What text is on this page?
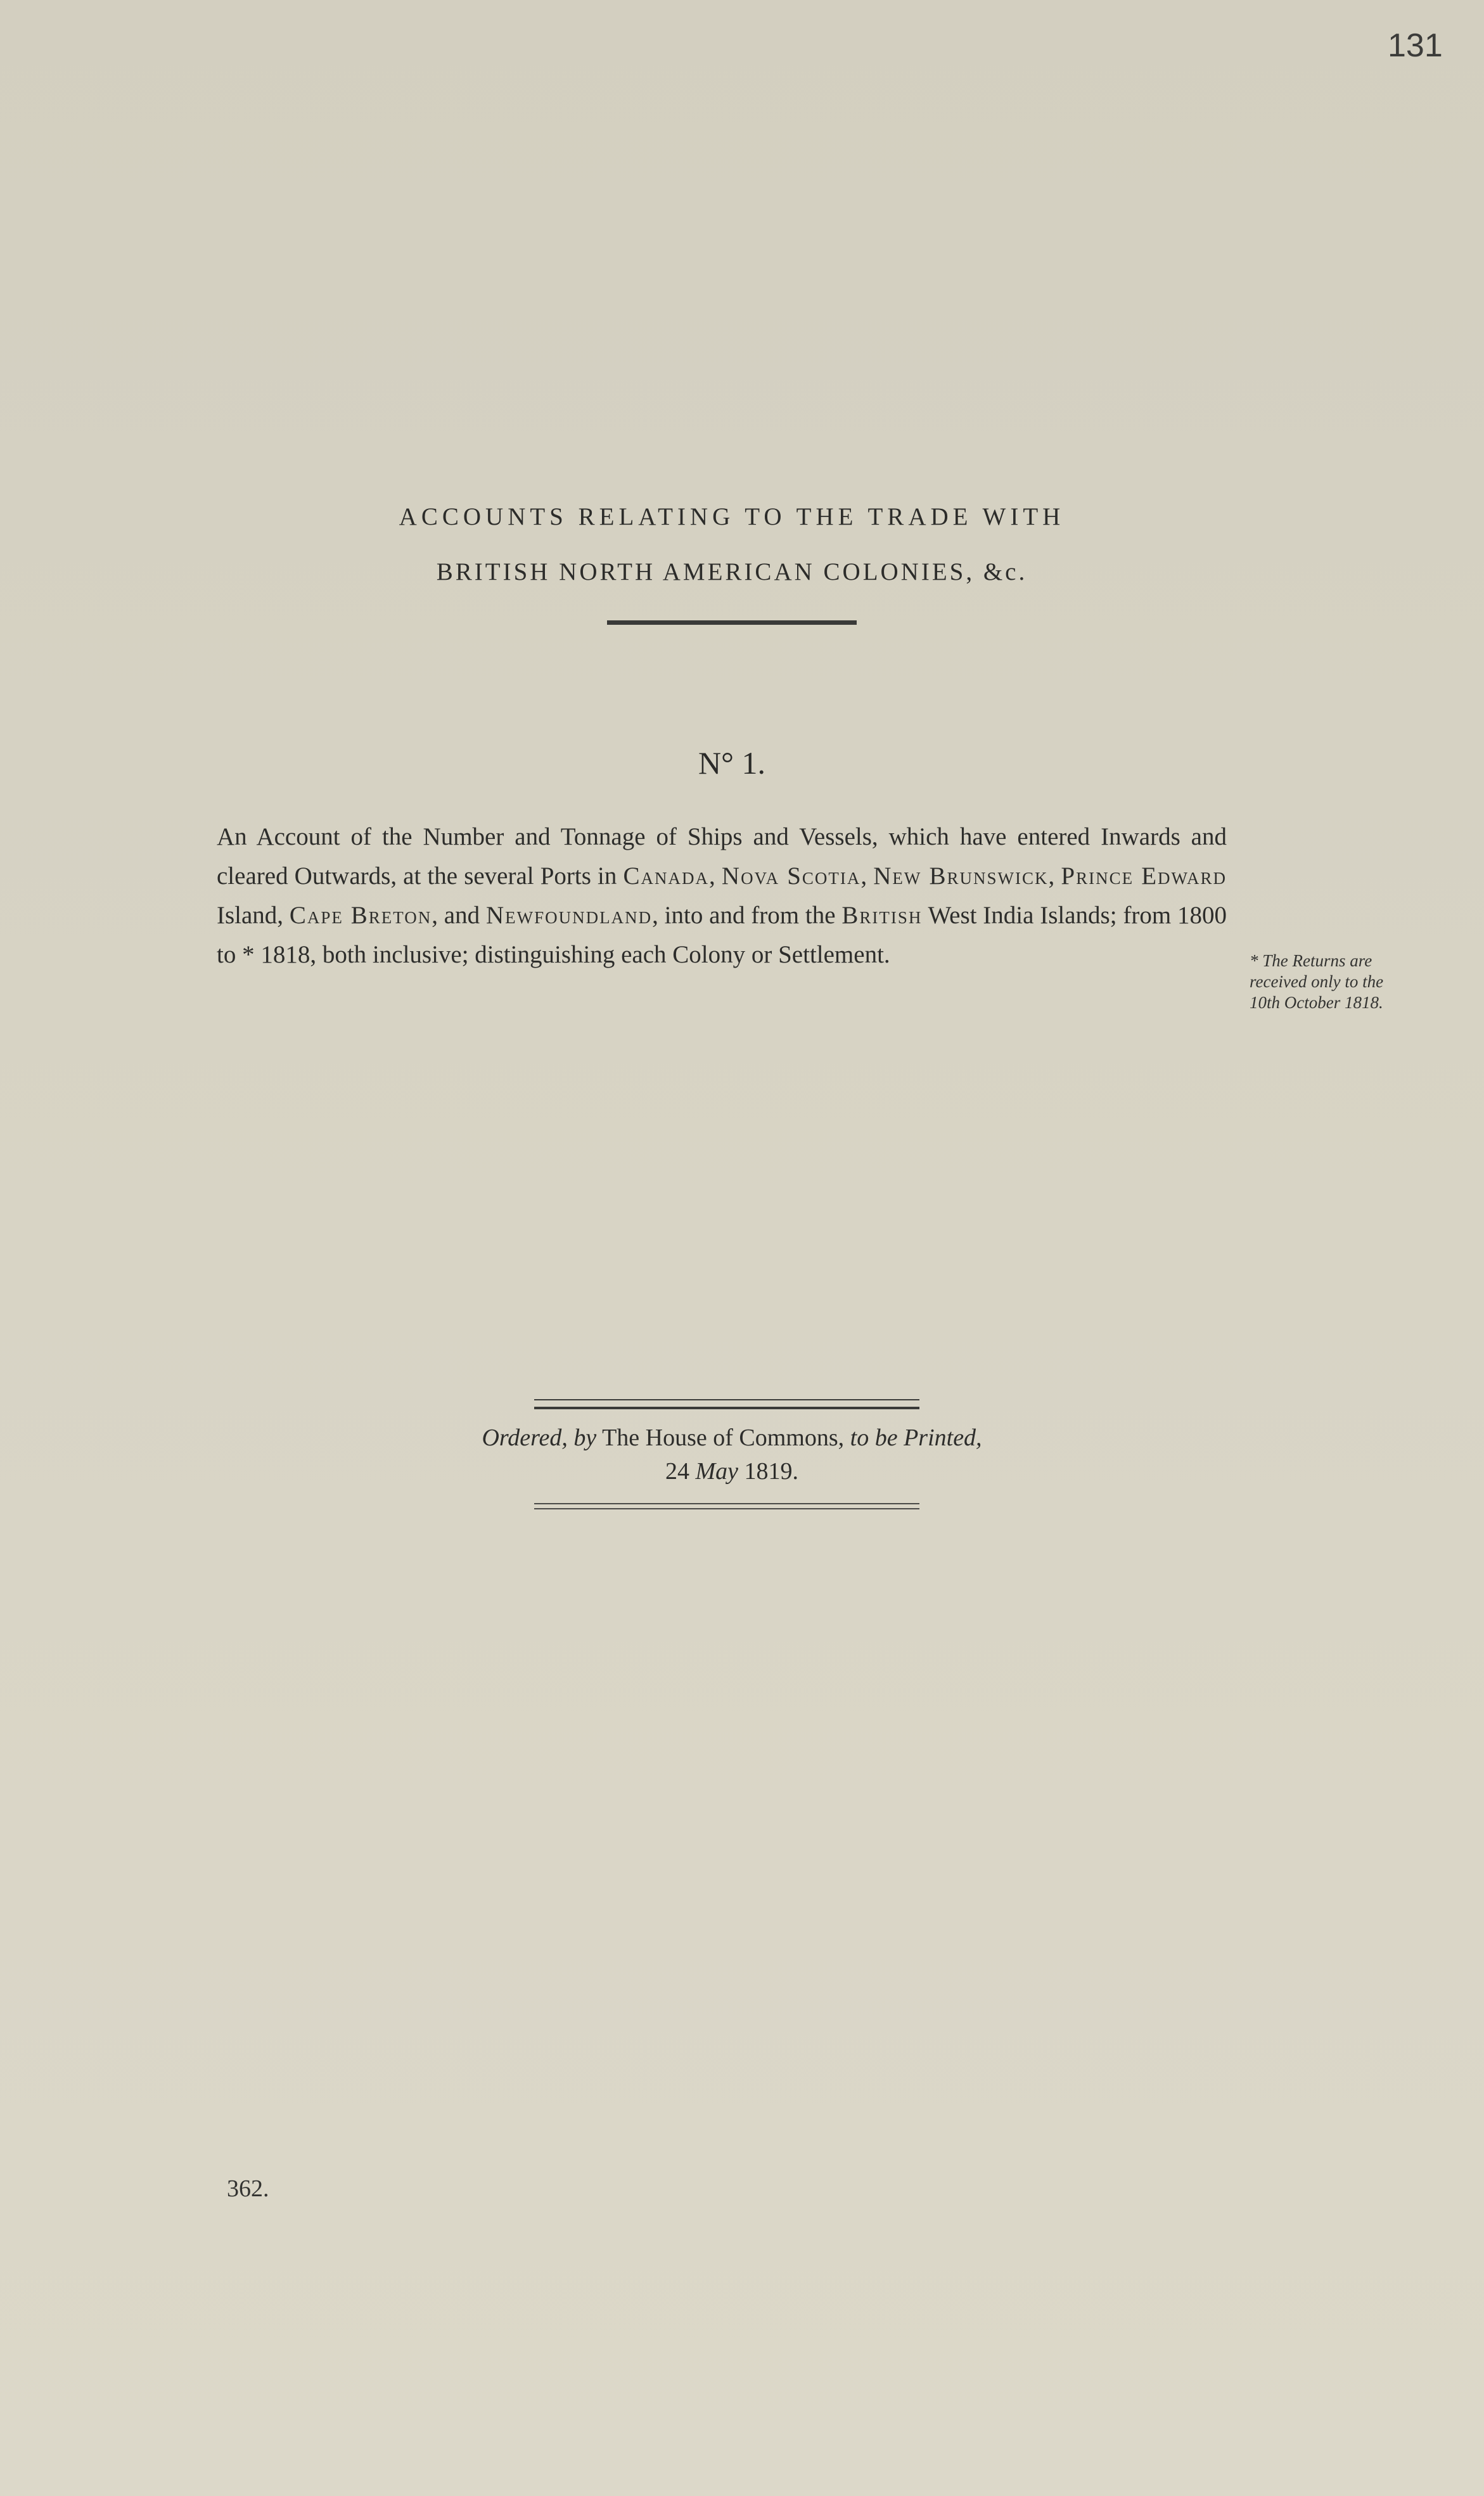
131
ACCOUNTS RELATING TO THE TRADE WITH
BRITISH NORTH AMERICAN COLONIES, &c.
N° 1.
An Account of the Number and Tonnage of Ships and Vessels, which have entered Inwards and cleared Outwards, at the several Ports in Canada, Nova Scotia, New Brunswick, Prince Edward Island, Cape Breton, and Newfoundland, into and from the British West India Islands; from 1800 to * 1818, both inclusive; distinguishing each Colony or Settlement.	* The Returns are received only to the 10th October 1818.
Ordered, by The House of Commons, to be Printed,
24 May 1819.
362.
